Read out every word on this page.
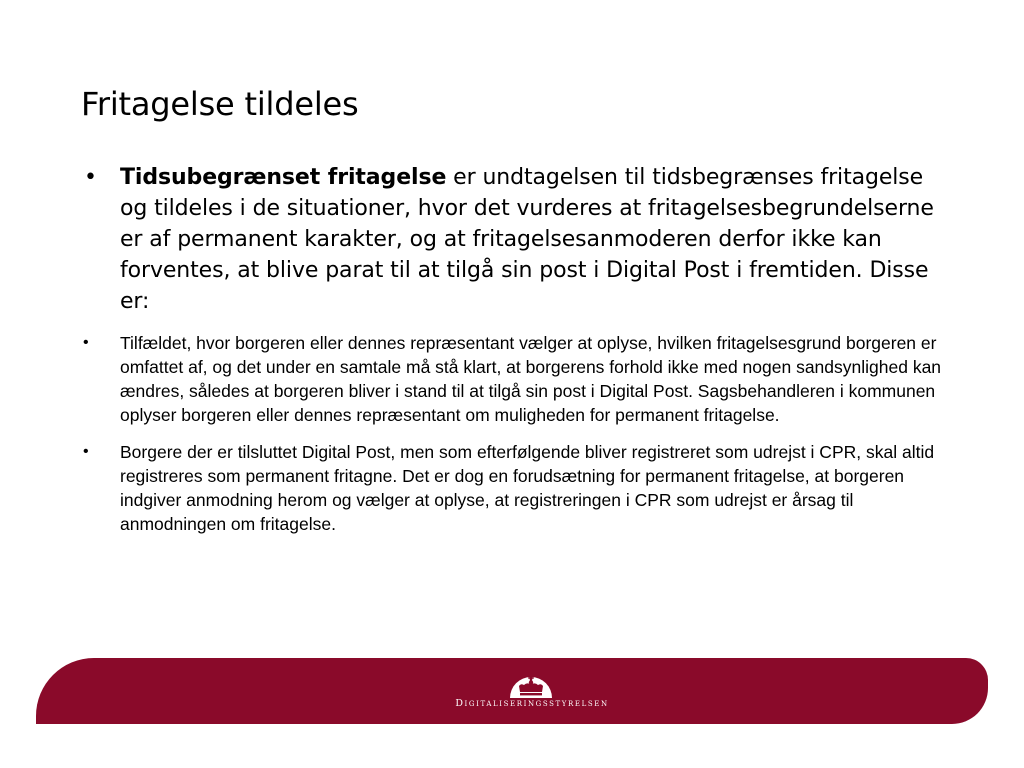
Fritagelse tildeles
• Tidsubegrænset fritagelse er undtagelsen til tidsbegrænses fritagelse og tildeles i de situationer, hvor det vurderes at fritagelsesbegrundelserne er af permanent karakter, og at fritagelsesanmoderen derfor ikke kan forventes, at blive parat til at tilgå sin post i Digital Post i fremtiden. Disse er:
• Tilfældet, hvor borgeren eller dennes repræsentant vælger at oplyse, hvilken fritagelsesgrund borgeren er omfattet af, og det under en samtale må stå klart, at borgerens forhold ikke med nogen sandsynlighed kan ændres, således at borgeren bliver i stand til at tilgå sin post i Digital Post. Sagsbehandleren i kommunen oplyser borgeren eller dennes repræsentant om muligheden for permanent fritagelse.
• Borgere der er tilsluttet Digital Post, men som efterfølgende bliver registreret som udrejst i CPR, skal altid registreres som permanent fritagne. Det er dog en forudsætning for permanent fritagelse, at borgeren indgiver anmodning herom og vælger at oplyse, at registreringen i CPR som udrejst er årsag til anmodningen om fritagelse.
Digitaliseringsstyrelsen
